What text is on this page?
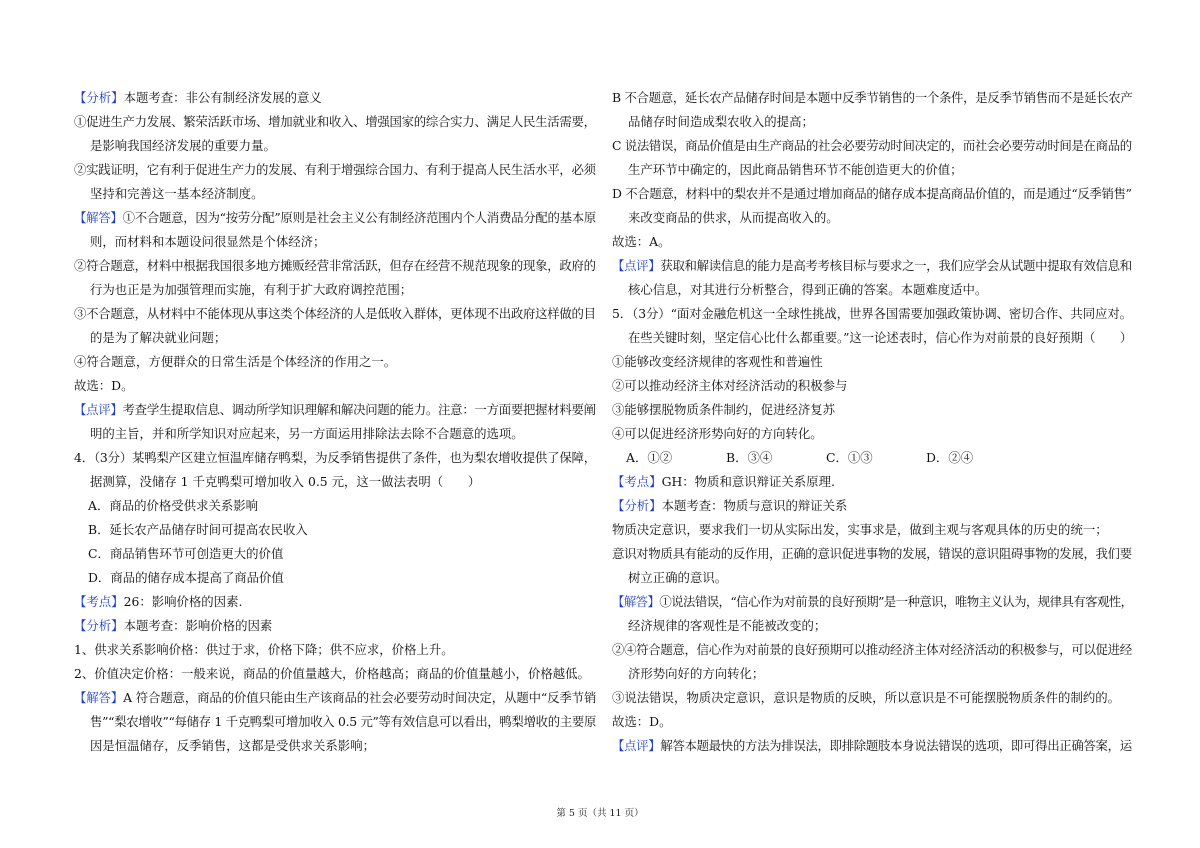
【分析】本题考查：非公有制经济发展的意义
①促进生产力发展、繁荣活跃市场、增加就业和收入、增强国家的综合实力、满足人民生活需要，
是影响我国经济发展的重要力量。
②实践证明，它有利于促进生产力的发展、有利于增强综合国力、有利于提高人民生活水平，必须
坚持和完善这一基本经济制度。
【解答】①不合题意，因为“按劳分配”原则是社会主义公有制经济范围内个人消费品分配的基本原
则，而材料和本题设问很显然是个体经济；
②符合题意，材料中根据我国很多地方摊贩经营非常活跃，但存在经营不规范现象的现象，政府的
行为也正是为加强管理而实施，有利于扩大政府调控范围；
③不合题意，从材料中不能体现从事这类个体经济的人是低收入群体，更体现不出政府这样做的目
的是为了解决就业问题；
④符合题意，方便群众的日常生活是个体经济的作用之一。
故选：D。
【点评】考查学生提取信息、调动所学知识理解和解决问题的能力。注意：一方面要把握材料要阐
明的主旨，并和所学知识对应起来，另一方面运用排除法去除不合题意的选项。
4．（3分）某鸭梨产区建立恒温库储存鸭梨，为反季销售提供了条件，也为梨农增收提供了保障，
据测算，没储存 1 千克鸭梨可增加收入 0.5 元，这一做法表明（　　）
A．商品的价格受供求关系影响
B．延长农产品储存时间可提高农民收入
C．商品销售环节可创造更大的价值
D．商品的储存成本提高了商品价值
【考点】26：影响价格的因素.
【分析】本题考查：影响价格的因素
1、供求关系影响价格：供过于求，价格下降；供不应求，价格上升。
2、价值决定价格：一般来说，商品的价值量越大，价格越高；商品的价值量越小，价格越低。
【解答】A 符合题意，商品的价值只能由生产该商品的社会必要劳动时间决定，从题中“反季节销
售”“梨农增收”“每储存 1 千克鸭梨可增加收入 0.5 元”等有效信息可以看出，鸭梨增收的主要原
因是恒温储存，反季销售，这都是受供求关系影响；
B 不合题意，延长农产品储存时间是本题中反季节销售的一个条件，是反季节销售而不是延长农产
品储存时间造成梨农收入的提高；
C 说法错误，商品价值是由生产商品的社会必要劳动时间决定的，而社会必要劳动时间是在商品的
生产环节中确定的，因此商品销售环节不能创造更大的价值；
D 不合题意，材料中的梨农并不是通过增加商品的储存成本提高商品价值的，而是通过“反季销售”
来改变商品的供求，从而提高收入的。
故选：A。
【点评】获取和解读信息的能力是高考考核目标与要求之一，我们应学会从试题中提取有效信息和
核心信息，对其进行分析整合，得到正确的答案。本题难度适中。
5．（3分）“面对金融危机这一全球性挑战，世界各国需要加强政策协调、密切合作、共同应对。
在些关键时刻，坚定信心比什么都重要。”这一论述表时，信心作为对前景的良好预期（　　）
①能够改变经济规律的客观性和普遍性
②可以推动经济主体对经济活动的积极参与
③能够摆脱物质条件制约，促进经济复苏
④可以促进经济形势向好的方向转化。
A．①②	B．③④	C．①③	D．②④
【考点】GH：物质和意识辩证关系原理.
【分析】本题考查：物质与意识的辩证关系
物质决定意识，要求我们一切从实际出发，实事求是，做到主观与客观具体的历史的统一；
意识对物质具有能动的反作用，正确的意识促进事物的发展，错误的意识阻碍事物的发展，我们要
树立正确的意识。
【解答】①说法错误，“信心作为对前景的良好预期”是一种意识，唯物主义认为，规律具有客观性，
经济规律的客观性是不能被改变的；
②④符合题意，信心作为对前景的良好预期可以推动经济主体对经济活动的积极参与，可以促进经
济形势向好的方向转化；
③说法错误，物质决定意识，意识是物质的反映，所以意识是不可能摆脱物质条件的制约的。
故选：D。
【点评】解答本题最快的方法为排误法，即排除题肢本身说法错误的选项，即可得出正确答案，运
第 5 页（共 11 页）
